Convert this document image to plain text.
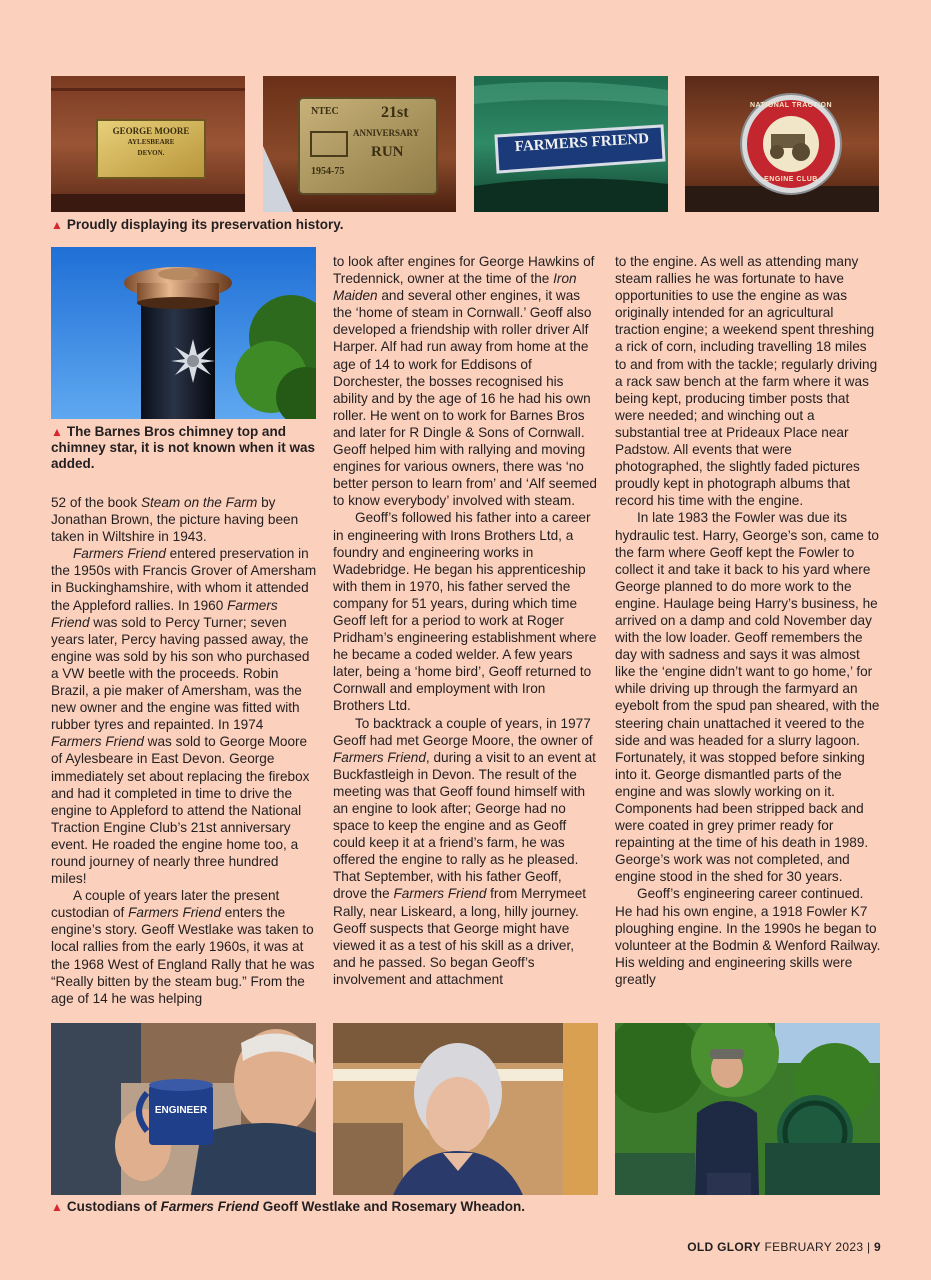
GEORGE MOORE
AYLESBEARE
DEVON.
NTEC	21st
ANNIVERSARY
RUN
1954-75
FARMERS FRIEND
NATIONAL TRACTION
ENGINE CLUB
▲ Proudly displaying its preservation history.
▲ The Barnes Bros chimney top and chimney star, it is not known when it was added.

52 of the book Steam on the Farm by Jonathan Brown, the picture having been taken in Wiltshire in 1943.

Farmers Friend entered preservation in the 1950s with Francis Grover of Amersham in Buckinghamshire, with whom it attended the Appleford rallies. In 1960 Farmers Friend was sold to Percy Turner; seven years later, Percy having passed away, the engine was sold by his son who purchased a VW beetle with the proceeds. Robin Brazil, a pie maker of Amersham, was the new owner and the engine was fitted with rubber tyres and repainted. In 1974 Farmers Friend was sold to George Moore of Aylesbeare in East Devon. George immediately set about replacing the firebox and had it completed in time to drive the engine to Appleford to attend the National Traction Engine Club’s 21st anniversary event. He roaded the engine home too, a round journey of nearly three hundred miles!

A couple of years later the present custodian of Farmers Friend enters the engine’s story. Geoff Westlake was taken to local rallies from the early 1960s, it was at the 1968 West of England Rally that he was “Really bitten by the steam bug.” From the age of 14 he was helping

to look after engines for George Hawkins of Tredennick, owner at the time of the Iron Maiden and several other engines, it was the ‘home of steam in Cornwall.’ Geoff also developed a friendship with roller driver Alf Harper. Alf had run away from home at the age of 14 to work for Eddisons of Dorchester, the bosses recognised his ability and by the age of 16 he had his own roller. He went on to work for Barnes Bros and later for R Dingle & Sons of Cornwall. Geoff helped him with rallying and moving engines for various owners, there was ‘no better person to learn from’ and ‘Alf seemed to know everybody’ involved with steam.

Geoff’s followed his father into a career in engineering with Irons Brothers Ltd, a foundry and engineering works in Wadebridge. He began his apprenticeship with them in 1970, his father served the company for 51 years, during which time Geoff left for a period to work at Roger Pridham’s engineering establishment where he became a coded welder. A few years later, being a ‘home bird’, Geoff returned to Cornwall and employment with Iron Brothers Ltd.

To backtrack a couple of years, in 1977 Geoff had met George Moore, the owner of Farmers Friend, during a visit to an event at Buckfastleigh in Devon. The result of the meeting was that Geoff found himself with an engine to look after; George had no space to keep the engine and as Geoff could keep it at a friend’s farm, he was offered the engine to rally as he pleased. That September, with his father Geoff, drove the Farmers Friend from Merrymeet Rally, near Liskeard, a long, hilly journey. Geoff suspects that George might have viewed it as a test of his skill as a driver, and he passed. So began Geoff’s involvement and attachment

to the engine. As well as attending many steam rallies he was fortunate to have opportunities to use the engine as was originally intended for an agricultural traction engine; a weekend spent threshing a rick of corn, including travelling 18 miles to and from with the tackle; regularly driving a rack saw bench at the farm where it was being kept, producing timber posts that were needed; and winching out a substantial tree at Prideaux Place near Padstow. All events that were photographed, the slightly faded pictures proudly kept in photograph albums that record his time with the engine.

In late 1983 the Fowler was due its hydraulic test. Harry, George’s son, came to the farm where Geoff kept the Fowler to collect it and take it back to his yard where George planned to do more work to the engine. Haulage being Harry’s business, he arrived on a damp and cold November day with the low loader. Geoff remembers the day with sadness and says it was almost like the ‘engine didn’t want to go home,’ for while driving up through the farmyard an eyebolt from the spud pan sheared, with the steering chain unattached it veered to the side and was headed for a slurry lagoon. Fortunately, it was stopped before sinking into it. George dismantled parts of the engine and was slowly working on it. Components had been stripped back and were coated in grey primer ready for repainting at the time of his death in 1989. George’s work was not completed, and engine stood in the shed for 30 years.

Geoff’s engineering career continued. He had his own engine, a 1918 Fowler K7 ploughing engine. In the 1990s he began to volunteer at the Bodmin & Wenford Railway. His welding and engineering skills were greatly

ENGINEER
▲ Custodians of Farmers Friend Geoff Westlake and Rosemary Wheadon.
OLD GLORY FEBRUARY 2023 | 9
